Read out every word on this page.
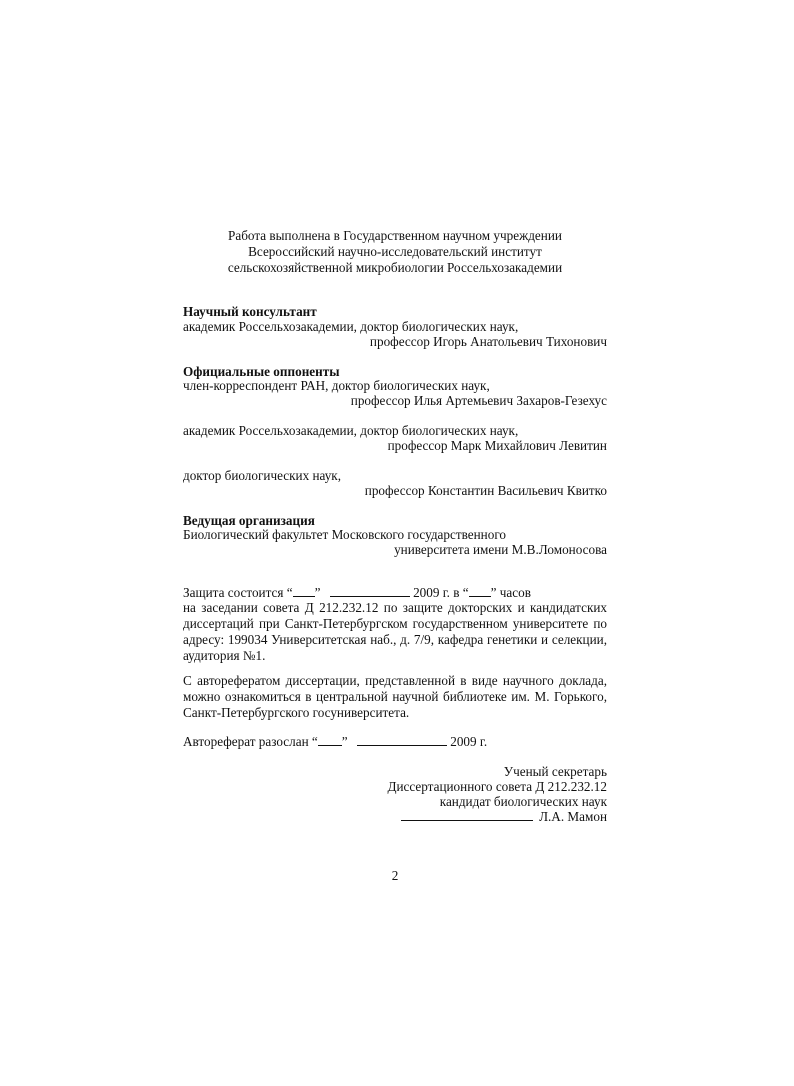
Работа выполнена в Государственном научном учреждении
Всероссийский научно-исследовательский институт
сельскохозяйственной микробиологии Россельхозакадемии
Научный консультант
академик Россельхозакадемии, доктор биологических наук,
профессор Игорь Анатольевич Тихонович
Официальные оппоненты
член-корреспондент РАН, доктор биологических наук,
профессор Илья Артемьевич Захаров-Гезехус
академик Россельхозакадемии, доктор биологических наук,
профессор Марк Михайлович Левитин
доктор биологических наук,
профессор Константин Васильевич Квитко
Ведущая организация
Биологический факультет Московского государственного
университета имени М.В.Ломоносова
Защита состоится “ ”	2009 г. в “ ” часов
на заседании совета Д 212.232.12 по защите докторских и кандидатских диссертаций при Санкт-Петербургском государственном университете по адресу: 199034 Университетская наб., д. 7/9, кафедра генетики и селекции, аудитория №1.
С авторефератом диссертации, представленной в виде научного доклада, можно ознакомиться в центральной научной библиотеке им. М. Горького, Санкт-Петербургского госуниверситета.
Автореферат разослан “ ”	2009 г.
Ученый секретарь
Диссертационного совета Д 212.232.12
кандидат биологических наук
Л.А. Мамон
2
